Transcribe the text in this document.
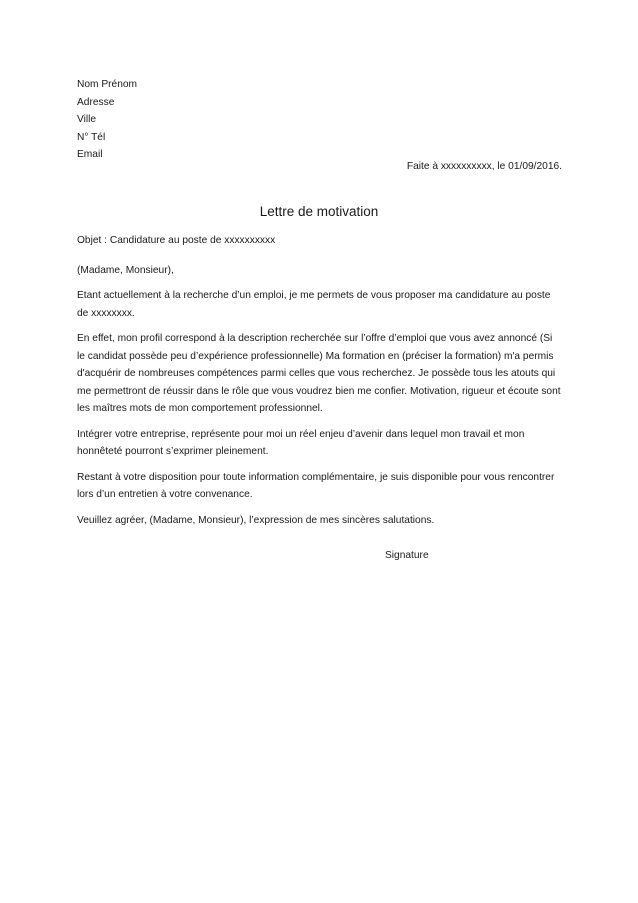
Nom Prénom
Adresse
Ville
N° Tél
Email
Faite à xxxxxxxxxx, le 01/09/2016.
Lettre de motivation

Objet : Candidature au poste de xxxxxxxxxx

(Madame, Monsieur),

Etant actuellement à la recherche d’un emploi, je me permets de vous proposer ma candidature au poste de xxxxxxxx.

En effet, mon profil correspond à la description recherchée sur l’offre d’emploi que vous avez annoncé (Si le candidat possède peu d’expérience professionnelle) Ma formation en (préciser la formation) m'a permis d'acquérir de nombreuses compétences parmi celles que vous recherchez. Je possède tous les atouts qui me permettront de réussir dans le rôle que vous voudrez bien me confier. Motivation, rigueur et écoute sont les maîtres mots de mon comportement professionnel.

Intégrer votre entreprise, représente pour moi un réel enjeu d’avenir dans lequel mon travail et mon honnêteté pourront s’exprimer pleinement.

Restant à votre disposition pour toute information complémentaire, je suis disponible pour vous rencontrer lors d’un entretien à votre convenance.

Veuillez agréer, (Madame, Monsieur), l’expression de mes sincères salutations.

Signature
